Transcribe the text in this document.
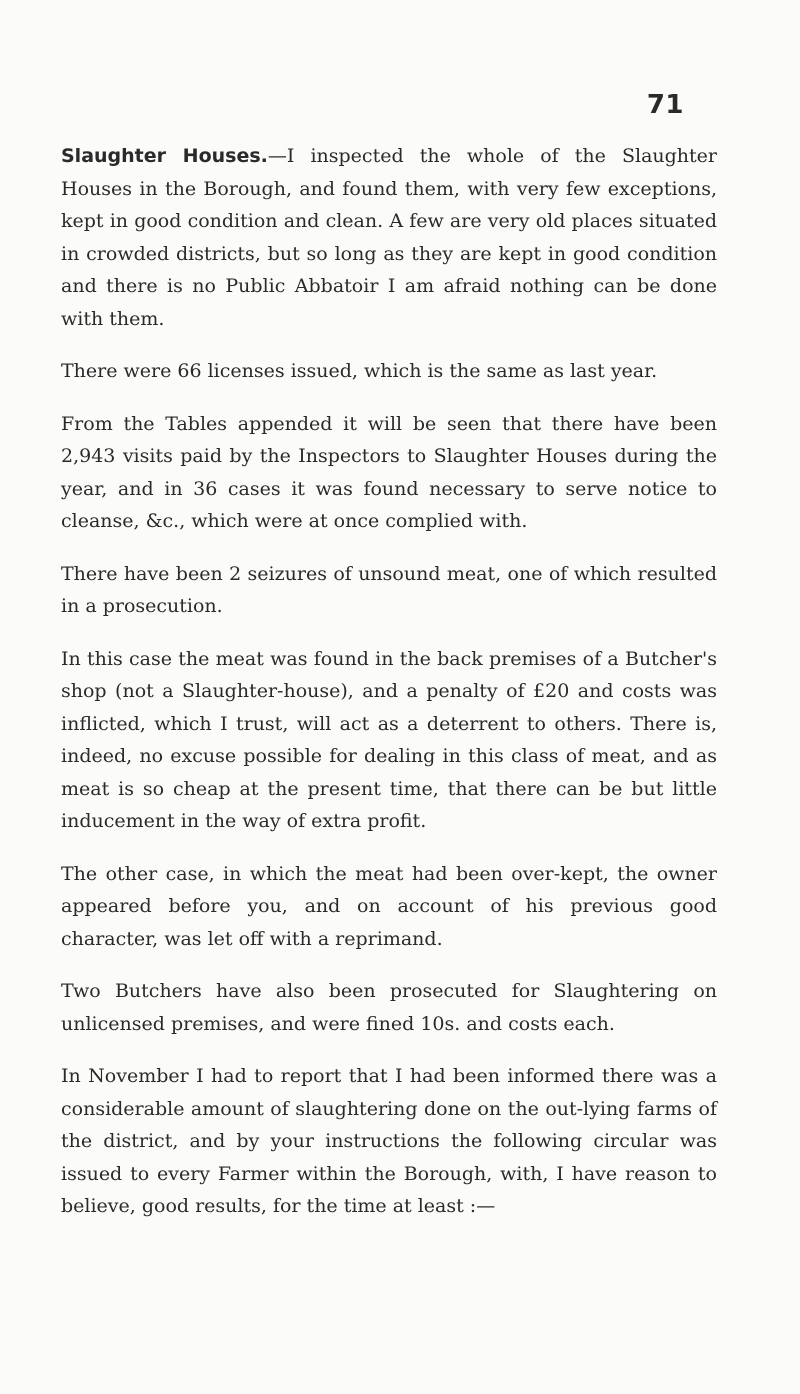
71

Slaughter Houses.—I inspected the whole of the Slaughter Houses in the Borough, and found them, with very few exceptions, kept in good condition and clean. A few are very old places situated in crowded districts, but so long as they are kept in good condition and there is no Public Abbatoir I am afraid nothing can be done with them.

There were 66 licenses issued, which is the same as last year.

From the Tables appended it will be seen that there have been 2,943 visits paid by the Inspectors to Slaughter Houses during the year, and in 36 cases it was found necessary to serve notice to cleanse, &c., which were at once complied with.

There have been 2 seizures of unsound meat, one of which resulted in a prosecution.

In this case the meat was found in the back premises of a Butcher's shop (not a Slaughter-house), and a penalty of £20 and costs was inflicted, which I trust, will act as a deterrent to others. There is, indeed, no excuse possible for dealing in this class of meat, and as meat is so cheap at the present time, that there can be but little inducement in the way of extra profit.

The other case, in which the meat had been over-kept, the owner appeared before you, and on account of his previous good character, was let off with a reprimand.

Two Butchers have also been prosecuted for Slaughtering on unlicensed premises, and were fined 10s. and costs each.

In November I had to report that I had been informed there was a considerable amount of slaughtering done on the out-lying farms of the district, and by your instructions the following circular was issued to every Farmer within the Borough, with, I have reason to believe, good results, for the time at least :—
